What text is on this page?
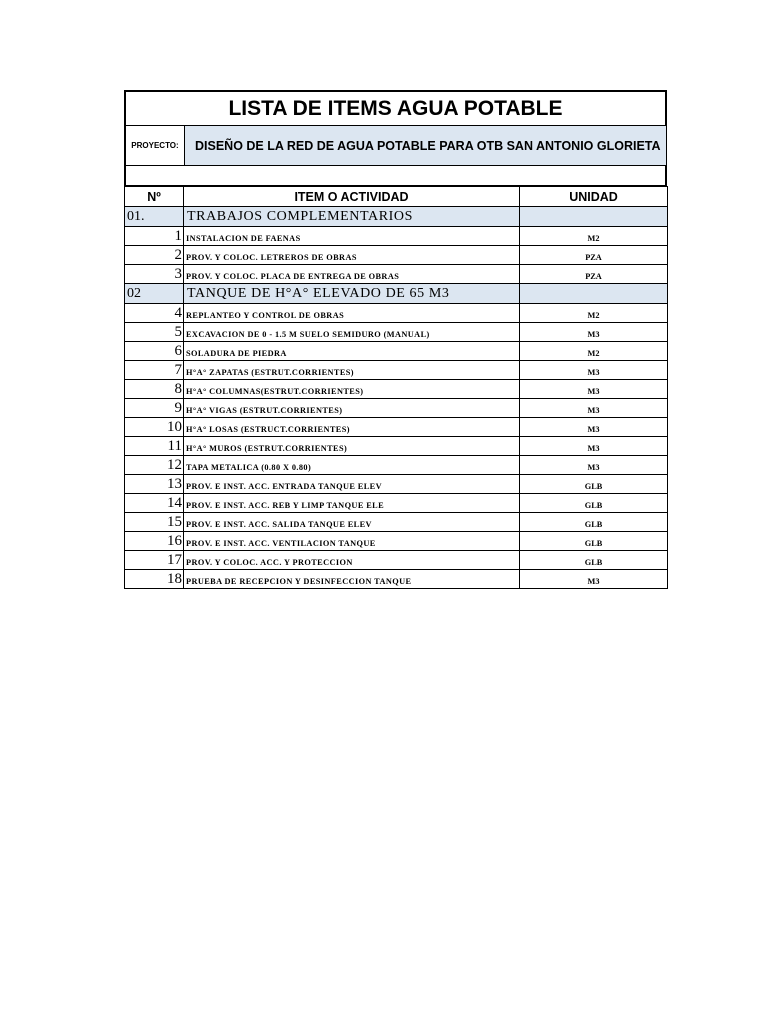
LISTA DE ITEMS AGUA POTABLE
PROYECTO:	DISEÑO DE LA RED DE AGUA POTABLE PARA OTB SAN ANTONIO GLORIETA
Nº	ITEM O ACTIVIDAD	UNIDAD
01.	TRABAJOS COMPLEMENTARIOS	
1	INSTALACION DE FAENAS	M2
2	PROV. Y COLOC. LETREROS DE OBRAS	PZA
3	PROV. Y COLOC. PLACA DE ENTREGA DE OBRAS	PZA
02	TANQUE DE H°A° ELEVADO DE 65 M3	
4	REPLANTEO Y CONTROL DE OBRAS	M2
5	EXCAVACION DE 0 - 1.5 M SUELO SEMIDURO (MANUAL)	M3
6	SOLADURA DE PIEDRA	M2
7	H°A° ZAPATAS (ESTRUT.CORRIENTES)	M3
8	H°A° COLUMNAS(ESTRUT.CORRIENTES)	M3
9	H°A° VIGAS (ESTRUT.CORRIENTES)	M3
10	H°A° LOSAS (ESTRUCT.CORRIENTES)	M3
11	H°A° MUROS (ESTRUT.CORRIENTES)	M3
12	TAPA METALICA (0.80 X 0.80)	M3
13	PROV. E INST. ACC. ENTRADA TANQUE ELEV	GLB
14	PROV. E INST. ACC. REB Y LIMP TANQUE ELE	GLB
15	PROV. E INST. ACC. SALIDA TANQUE ELEV	GLB
16	PROV. E INST. ACC. VENTILACION TANQUE	GLB
17	PROV. Y COLOC. ACC. Y PROTECCION	GLB
18	PRUEBA DE RECEPCION Y DESINFECCION TANQUE	M3
